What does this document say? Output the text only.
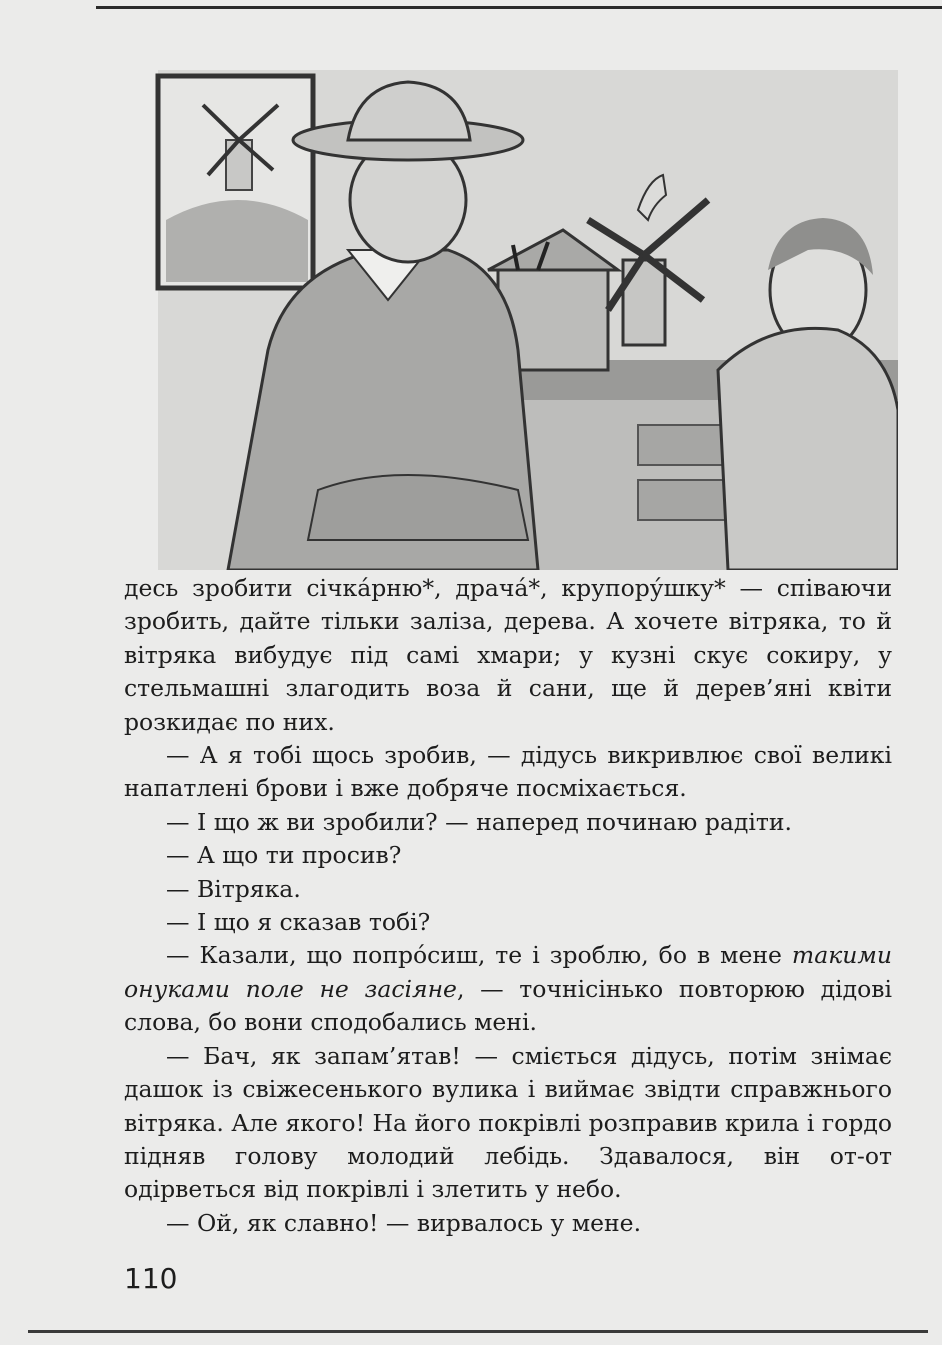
десь зробити січка́рню*, драча́*, крупору́шку* — співаючи зробить, дайте тільки заліза, дерева. А хочете вітряка, то й вітряка вибудує під самі хмари; у кузні скує сокиру, у стельмашні злагодить воза й сани, ще й дерев’яні квіти розкидає по них.

— А я тобі щось зробив, — дідусь викривлює свої великі напатлені брови і вже добряче посміхається.

— І що ж ви зробили? — наперед починаю радіти.

— А що ти просив?

— Вітряка.

— І що я сказав тобі?

— Казали, що попро́сиш, те і зроблю, бо в мене такими онуками поле не засіяне, — точнісінько повторюю дідові слова, бо вони сподобались мені.

— Бач, як запам’ятав! — сміється дідусь, потім знімає дашок із свіжесенького вулика і виймає звідти справжнього вітряка. Але якого! На його покрівлі розправив крила і гордо підняв голову молодий лебідь. Здавалося, він от-от одірветься від покрівлі і злетить у небо.

— Ой, як славно! — вирвалось у мене.

110
